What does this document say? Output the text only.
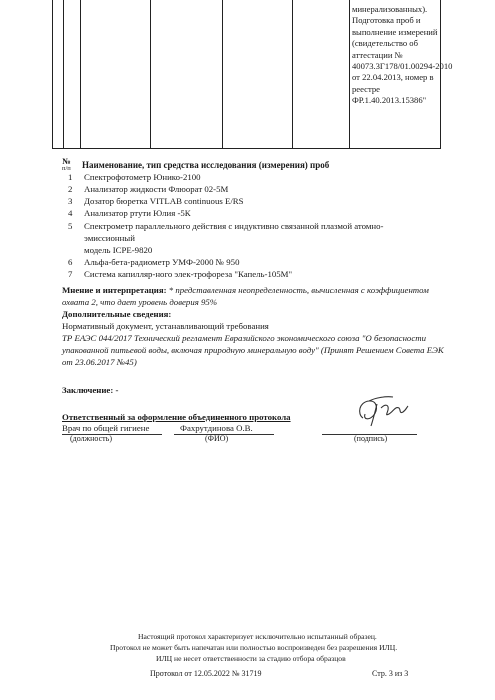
минерализованных).
Подготовка проб и
выполнение измерений
(свидетельство об
аттестации №
40073.3Г178/01.00294-2010
от 22.04.2013, номер в
реестре
ФР.1.40.2013.15386"
№
п/п Наименование, тип средства исследования (измерения) проб
1 Спектрофотометр Юнико-2100
2 Анализатор жидкости Флюорат 02-5М
3 Дозатор бюретка VITLAB continuous E/RS
4 Анализатор ртути Юлия -5К
5 Спектрометр параллельного действия с индуктивно связанной плазмой атомно-
эмиссионный
модель ICPE-9820
6 Альфа-бета-радиометр УМФ-2000 № 950
7 Система капилляр-ного элек-трофореза "Капель-105М"
Мнение и интерпретация: * представленная неопределенность, вычисленная с коэффициентом
охвата 2, что дает уровень доверия 95%
Дополнительные сведения:
Нормативный документ, устанавливающий требования
ТР ЕАЭС 044/2017 Технический регламент Евразийского экономического союза "О безопасности
упакованной питьевой воды, включая природную минеральную воду" (Принят Решением Совета ЕЭК
от 23.06.2017 №45)
Заключение: -
Ответственный за оформление объединенного протокола
Врач по общей гигиене	Фахрутдинова О.В.
(должность)	(ФИО)	(подпись)
Настоящий протокол характеризует исключительно испытанный образец.
Протокол не может быть напечатан или полностью воспроизведен без разрешения ИЛЦ.
ИЛЦ не несет ответственности за стадию отбора образцов
Протокол от 12.05.2022 № 31719	Стр. 3 из 3
